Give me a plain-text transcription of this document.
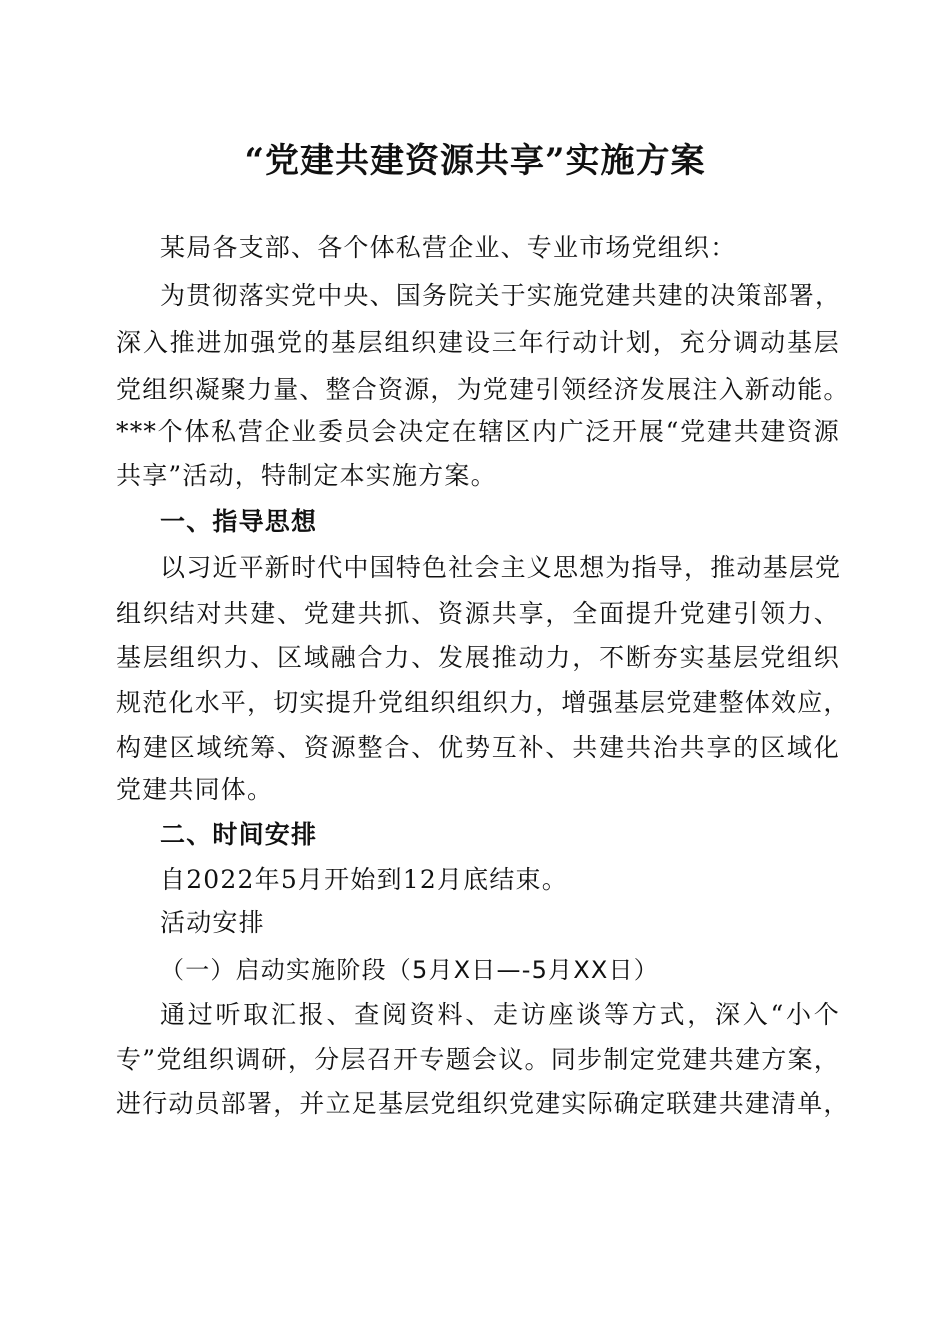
“党建共建资源共享”实施方案
某局各支部、各个体私营企业、专业市场党组织：
为贯彻落实党中央、国务院关于实施党建共建的决策部署，
深入推进加强党的基层组织建设三年行动计划，充分调动基层
党组织凝聚力量、整合资源，为党建引领经济发展注入新动能。
***个体私营企业委员会决定在辖区内广泛开展“党建共建资源
共享”活动，特制定本实施方案。
一、指导思想
以习近平新时代中国特色社会主义思想为指导，推动基层党
组织结对共建、党建共抓、资源共享，全面提升党建引领力、
基层组织力、区域融合力、发展推动力，不断夯实基层党组织
规范化水平，切实提升党组织组织力，增强基层党建整体效应，
构建区域统筹、资源整合、优势互补、共建共治共享的区域化
党建共同体。
二、时间安排
自2022年5月开始到12月底结束。
活动安排
（一）启动实施阶段（5月X日—-5月XX日）
通过听取汇报、查阅资料、走访座谈等方式，深入“小个
专”党组织调研，分层召开专题会议。同步制定党建共建方案，
进行动员部署，并立足基层党组织党建实际确定联建共建清单，
